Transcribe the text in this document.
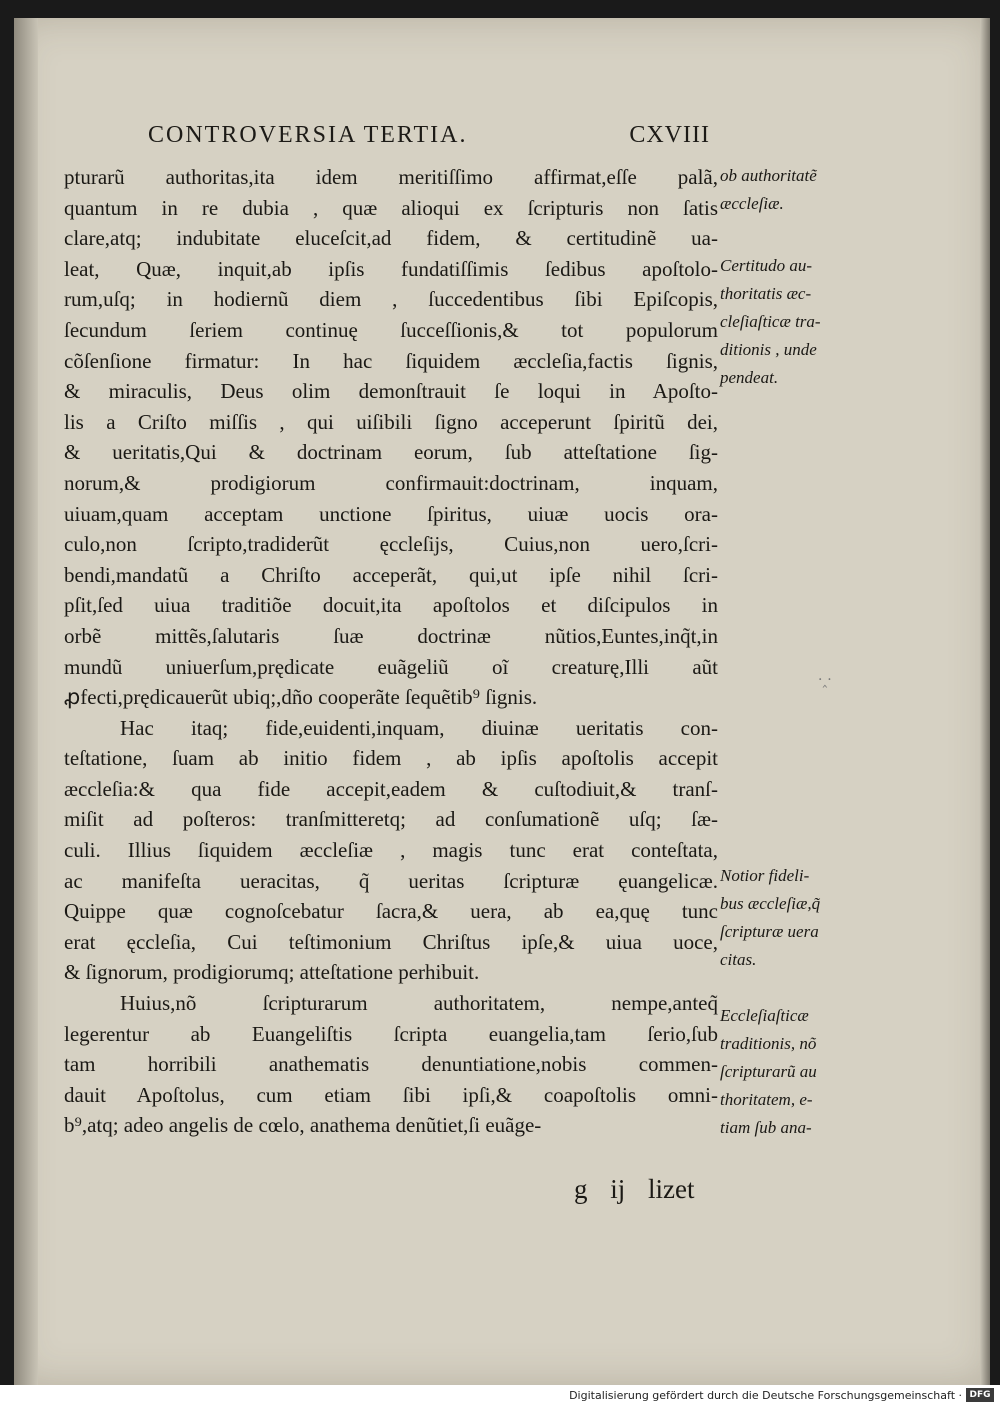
CONTROVERSIA TERTIA.	CXVIII
pturarũ authoritas,ita idem meritiſſimo affirmat,eſſe palã,
quantum in re dubia , quæ alioqui ex ſcripturis non ſatis
clare,atq; indubitate eluceſcit,ad fidem, & certitudinẽ ua-
leat, Quæ, inquit,ab ipſis fundatiſſimis ſedibus apoſtolo-
rum,uſq; in hodiernũ diem , ſuccedentibus ſibi Epiſcopis,
ſecundum ſeriem continuę ſucceſſionis,& tot populorum
cõſenſione firmatur: In hac ſiquidem æccleſia,factis ſignis,
& miraculis, Deus olim demonſtrauit ſe loqui in Apoſto-
lis a Criſto miſſis , qui uiſibili ſigno acceperunt ſpiritũ dei,
& ueritatis,Qui & doctrinam eorum, ſub atteſtatione ſig-
norum,& prodigiorum confirmauit:doctrinam, inquam,
uiuam,quam acceptam unctione ſpiritus, uiuæ uocis ora-
culo,non ſcripto,tradiderũt ęccleſijs, Cuius,non uero,ſcri-
bendi,mandatũ a Chriſto acceperãt, qui,ut ipſe nihil ſcri-
pſit,ſed uiua traditiõe docuit,ita apoſtolos et diſcipulos in
orbẽ mittẽs,ſalutaris ſuæ doctrinæ nũtios,Euntes,inq̃t,in
mundũ uniuerſum,prędicate euãgeliũ oĩ creaturę,Illi aũt
ꝓfecti,prędicauerũt ubiq;,dño cooperãte ſequẽtib⁹ ſignis.
Hac itaq; fide,euidenti,inquam, diuinæ ueritatis con-
teſtatione, ſuam ab initio fidem , ab ipſis apoſtolis accepit
æccleſia:& qua fide accepit,eadem & cuſtodiuit,& tranſ-
miſit ad poſteros: tranſmitteretq; ad conſumationẽ uſq; ſæ-
culi. Illius ſiquidem æccleſiæ , magis tunc erat conteſtata,
ac manifeſta ueracitas, q̃ ueritas ſcripturæ ęuangelicæ.
Quippe quæ cognoſcebatur ſacra,& uera, ab ea,quę tunc
erat ęccleſia, Cui teſtimonium Chriſtus ipſe,& uiua uoce,
& ſignorum, prodigiorumq; atteſtatione perhibuit.
Huius,nõ ſcripturarum authoritatem, nempe,anteq̃
legerentur ab Euangeliſtis ſcripta euangelia,tam ſerio,ſub
tam horribili anathematis denuntiatione,nobis commen-
dauit Apoſtolus, cum etiam ſibi ipſi,& coapoſtolis omni-
b⁹,atq; adeo angelis de cœlo, anathema denũtiet,ſi euãge-
ob authoritatẽ
æccleſiæ.
Certitudo au-
thoritatis æc-
cleſiaſticæ tra-
ditionis , unde
pendeat.
Notior fideli-
bus æccleſiæ,q̃
ſcripturæ uera
citas.
Eccleſiaſticæ
traditionis, nõ
ſcripturarũ au
thoritatem, e-
tiam ſub ana-
·‸·
g ij lizet
Digitalisierung gefördert durch die Deutsche Forschungsgemeinschaft · DFG
